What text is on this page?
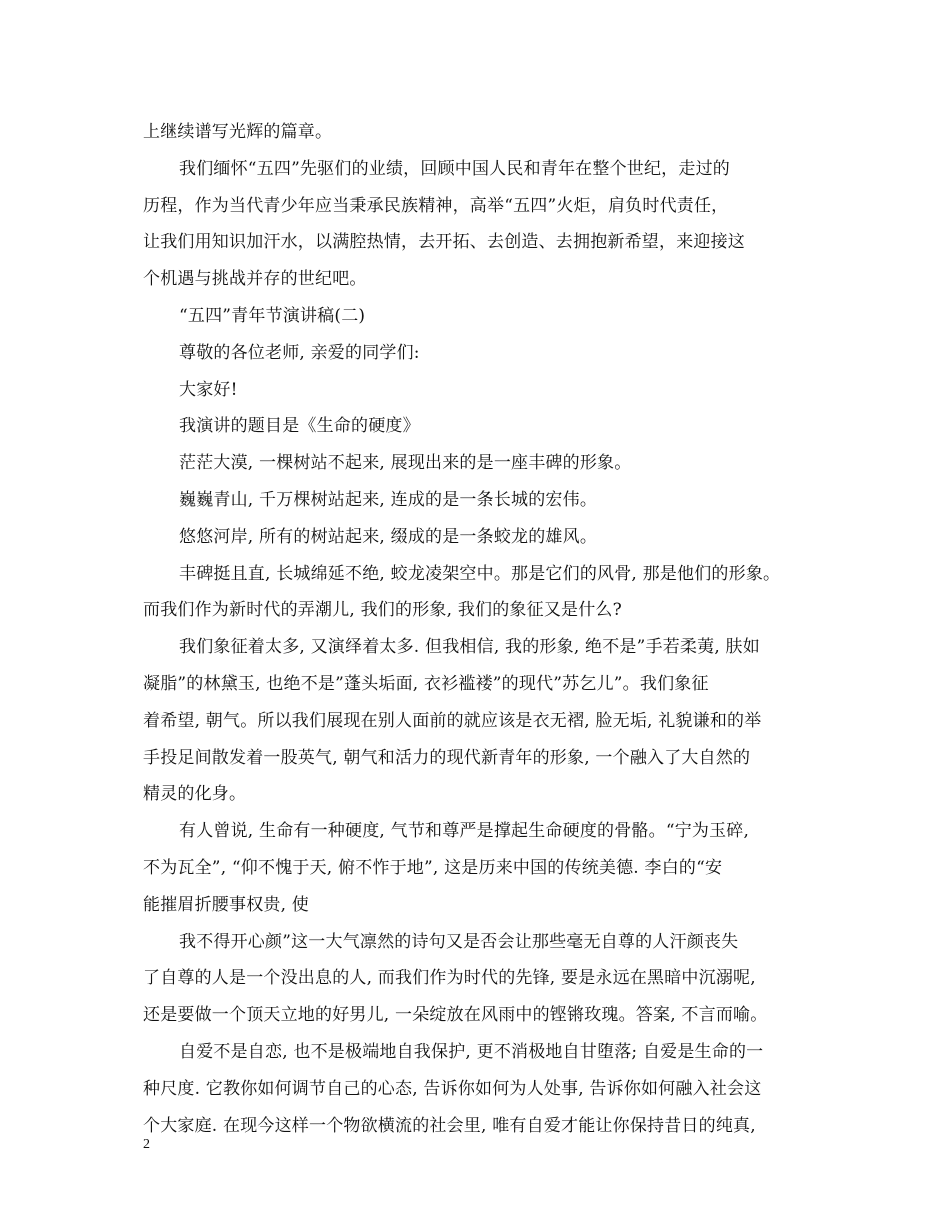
上继续谱写光辉的篇章。
我们缅怀“五四”先驱们的业绩，回顾中国人民和青年在整个世纪，走过的
历程，作为当代青少年应当秉承民族精神，高举“五四”火炬，肩负时代责任，
让我们用知识加汗水，以满腔热情，去开拓、去创造、去拥抱新希望，来迎接这
个机遇与挑战并存的世纪吧。
“五四”青年节演讲稿(二)
尊敬的各位老师, 亲爱的同学们:
大家好!
我演讲的题目是《生命的硬度》
茫茫大漠, 一棵树站不起来, 展现出来的是一座丰碑的形象。
巍巍青山, 千万棵树站起来, 连成的是一条长城的宏伟。
悠悠河岸, 所有的树站起来, 缀成的是一条蛟龙的雄风。
丰碑挺且直, 长城绵延不绝, 蛟龙凌架空中。那是它们的风骨, 那是他们的形象。
而我们作为新时代的弄潮儿, 我们的形象, 我们的象征又是什么?
我们象征着太多, 又演绎着太多. 但我相信, 我的形象, 绝不是”手若柔荑, 肤如
凝脂”的林黛玉, 也绝不是”蓬头垢面, 衣衫褴褛”的现代”苏乞儿”。我们象征
着希望, 朝气。所以我们展现在别人面前的就应该是衣无褶, 脸无垢, 礼貌谦和的举
手投足间散发着一股英气, 朝气和活力的现代新青年的形象, 一个融入了大自然的
精灵的化身。
有人曾说, 生命有一种硬度, 气节和尊严是撑起生命硬度的骨骼。“宁为玉碎,
不为瓦全”, “仰不愧于天, 俯不怍于地”, 这是历来中国的传统美德. 李白的“安
能摧眉折腰事权贵, 使
我不得开心颜”这一大气凛然的诗句又是否会让那些毫无自尊的人汗颜丧失
了自尊的人是一个没出息的人, 而我们作为时代的先锋, 要是永远在黑暗中沉溺呢,
还是要做一个顶天立地的好男儿, 一朵绽放在风雨中的铿锵玫瑰。答案, 不言而喻。
自爱不是自恋, 也不是极端地自我保护, 更不消极地自甘堕落; 自爱是生命的一
种尺度. 它教你如何调节自己的心态, 告诉你如何为人处事, 告诉你如何融入社会这
个大家庭. 在现今这样一个物欲横流的社会里, 唯有自爱才能让你保持昔日的纯真,
2
